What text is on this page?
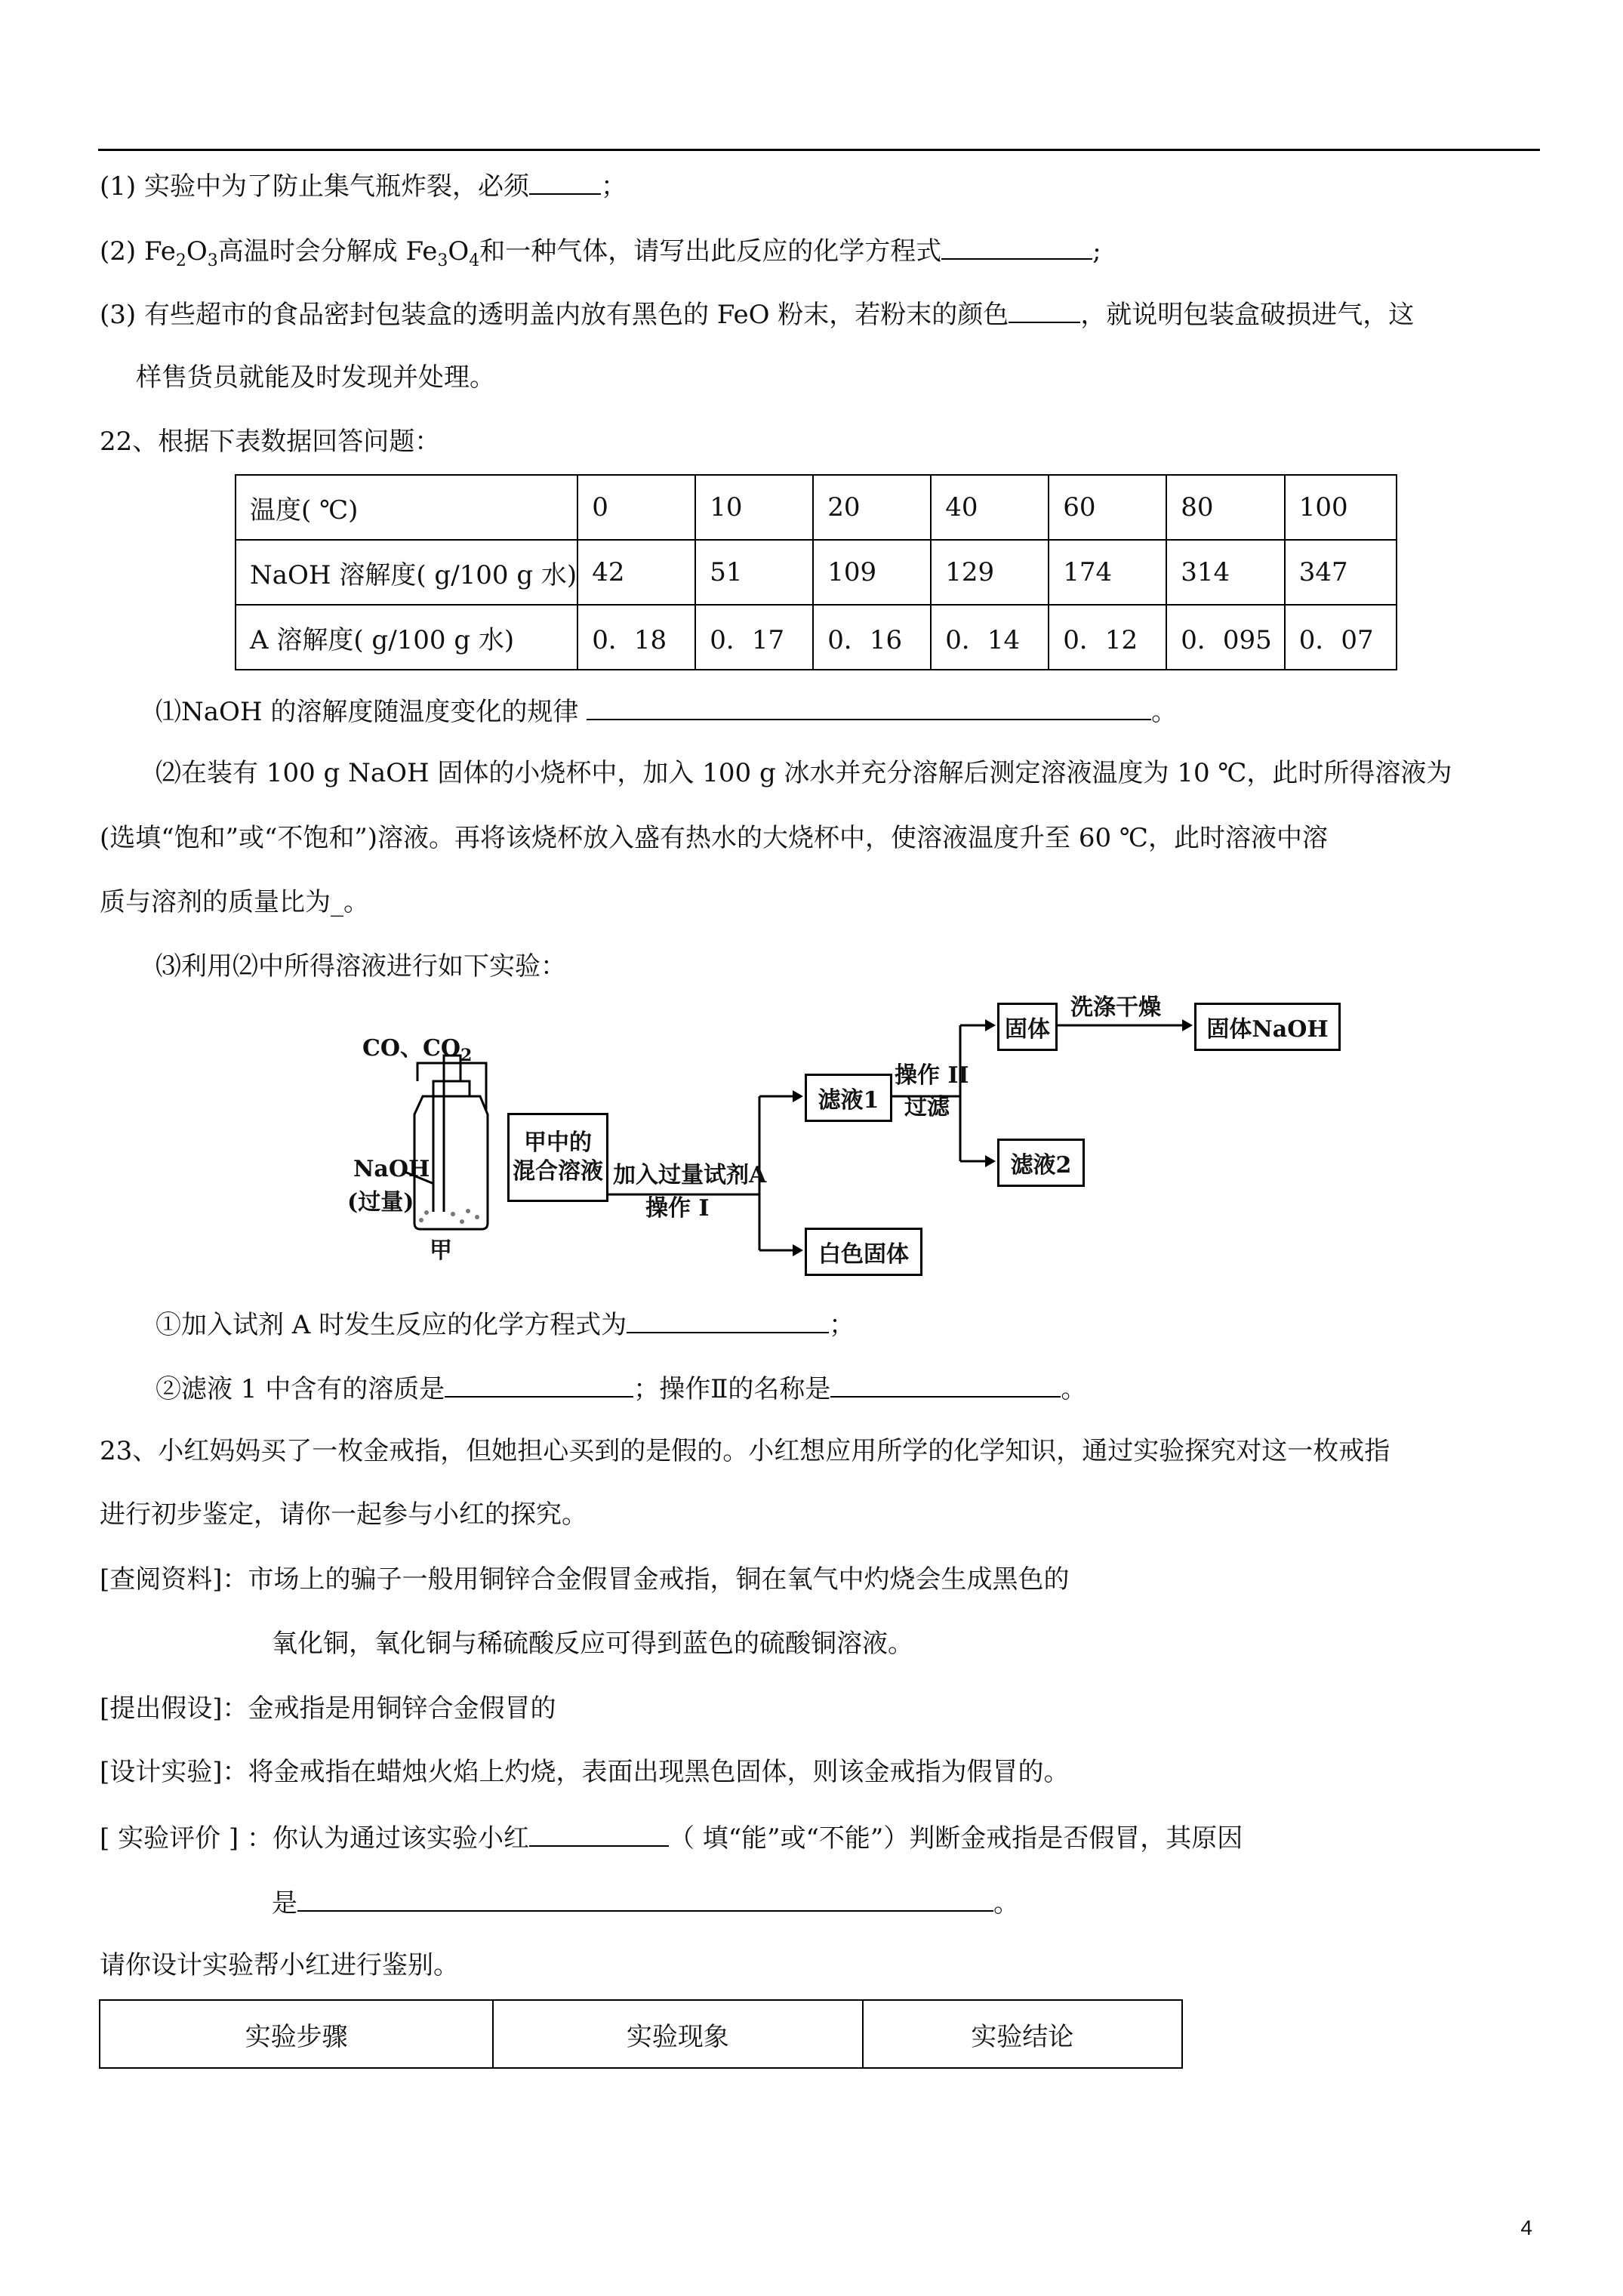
(1) 实验中为了防止集气瓶炸裂，必须	；
(2) $Fe_2O_3$高温时会分解成 $Fe_3O_4$和一种气体，请写出此反应的化学方程式	;
(3) 有些超市的食品密封包装盒的透明盖内放有黑色的 FeO 粉末，若粉末的颜色	，就说明包装盒破损进气，这
样售货员就能及时发现并处理。
22、根据下表数据回答问题：
温度( ℃)	0	10	20	40	60	80	100
NaOH 溶解度( g/100 g 水)	42	51	109	129	174	314	347
A 溶解度( g/100 g 水)	0．18	0．17	0．16	0．14	0．12	0．095	0．07
⑴NaOH 的溶解度随温度变化的规律	。
⑵在装有 100 g NaOH 固体的小烧杯中，加入 100 g 冰水并充分溶解后测定溶液温度为 10 ℃，此时所得溶液为
(选填“饱和”或“不饱和”)溶液。再将该烧杯放入盛有热水的大烧杯中，使溶液温度升至 60 ℃，此时溶液中溶
质与溶剂的质量比为_。
⑶利用⑵中所得溶液进行如下实验：
CO、$CO_2$
NaOH
(过量)
甲
甲中的
混合溶液 加入过量试剂A
操作 I
滤液1
操作 II
过滤
固体
洗涤干燥
固体NaOH
滤液2
白色固体
①加入试剂 A 时发生反应的化学方程式为	；
②滤液 1 中含有的溶质是	；操作Ⅱ的名称是	。
23、小红妈妈买了一枚金戒指，但她担心买到的是假的。小红想应用所学的化学知识，通过实验探究对这一枚戒指
进行初步鉴定，请你一起参与小红的探究。
[查阅资料]：市场上的骗子一般用铜锌合金假冒金戒指，铜在氧气中灼烧会生成黑色的
氧化铜，氧化铜与稀硫酸反应可得到蓝色的硫酸铜溶液。
[提出假设]：金戒指是用铜锌合金假冒的
[设计实验]：将金戒指在蜡烛火焰上灼烧，表面出现黑色固体，则该金戒指为假冒的。
[ 实验评价 ] ：你认为通过该实验小红	（ 填“能”或“不能”）判断金戒指是否假冒，其原因
是	。
请你设计实验帮小红进行鉴别。
实验步骤	实验现象	实验结论
4
